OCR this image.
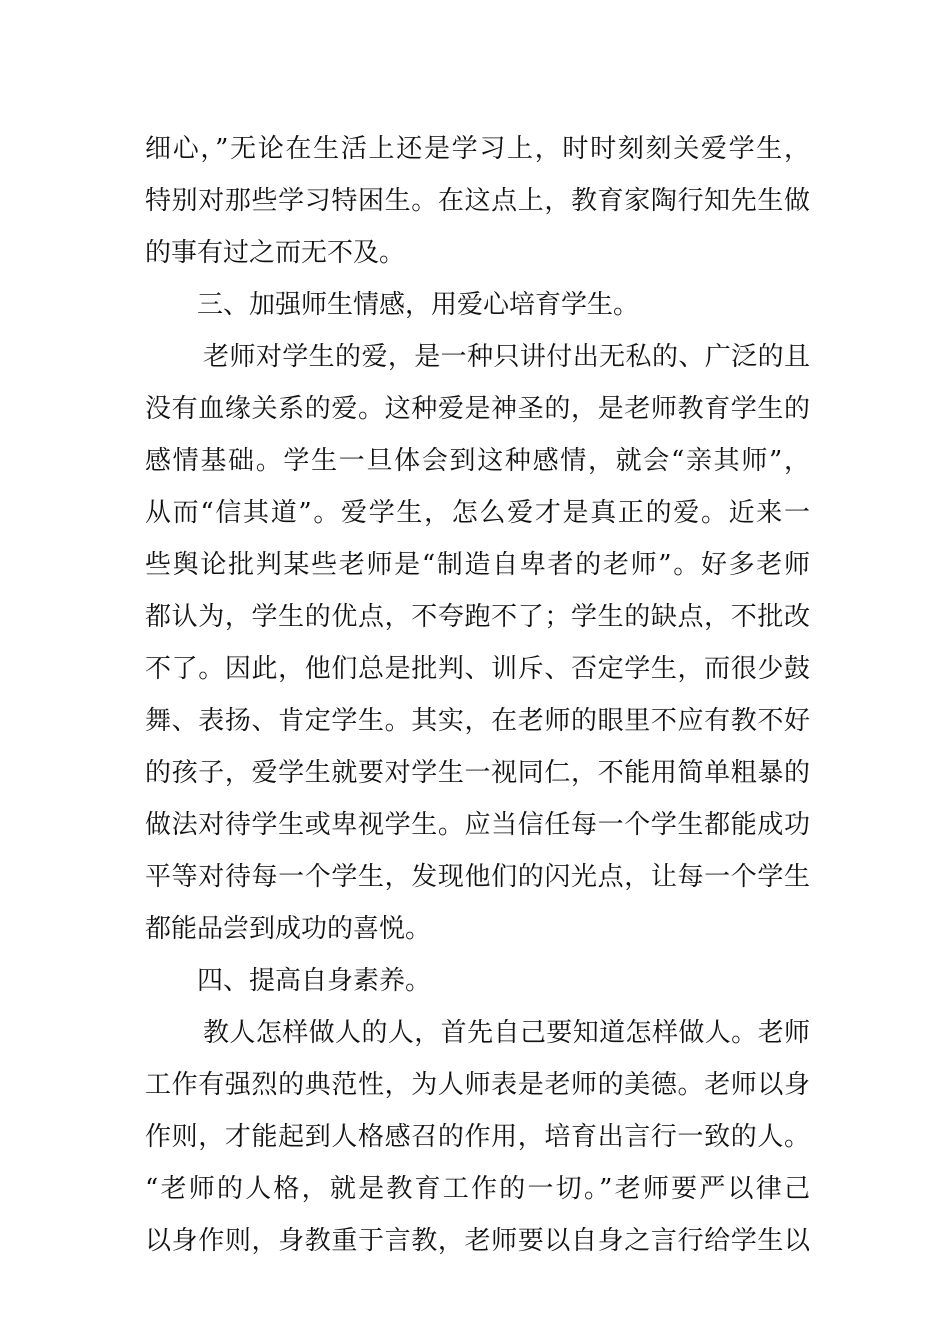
细心，”无论在生活上还是学习上，时时刻刻关爱学生，
特别对那些学习特困生。在这点上，教育家陶行知先生做
的事有过之而无不及。
三、加强师生情感，用爱心培育学生。
老师对学生的爱，是一种只讲付出无私的、广泛的且
没有血缘关系的爱。这种爱是神圣的，是老师教育学生的
感情基础。学生一旦体会到这种感情，就会“亲其师”，
从而“信其道”。爱学生，怎么爱才是真正的爱。近来一
些舆论批判某些老师是“制造自卑者的老师”。好多老师
都认为，学生的优点，不夸跑不了；学生的缺点，不批改
不了。因此，他们总是批判、训斥、否定学生，而很少鼓
舞、表扬、肯定学生。其实，在老师的眼里不应有教不好
的孩子，爱学生就要对学生一视同仁，不能用简单粗暴的
做法对待学生或卑视学生。应当信任每一个学生都能成功
平等对待每一个学生，发现他们的闪光点，让每一个学生
都能品尝到成功的喜悦。
四、提高自身素养。
教人怎样做人的人，首先自己要知道怎样做人。老师
工作有强烈的典范性，为人师表是老师的美德。老师以身
作则，才能起到人格感召的作用，培育出言行一致的人。
“老师的人格，就是教育工作的一切。”老师要严以律己
以身作则，身教重于言教，老师要以自身之言行给学生以
